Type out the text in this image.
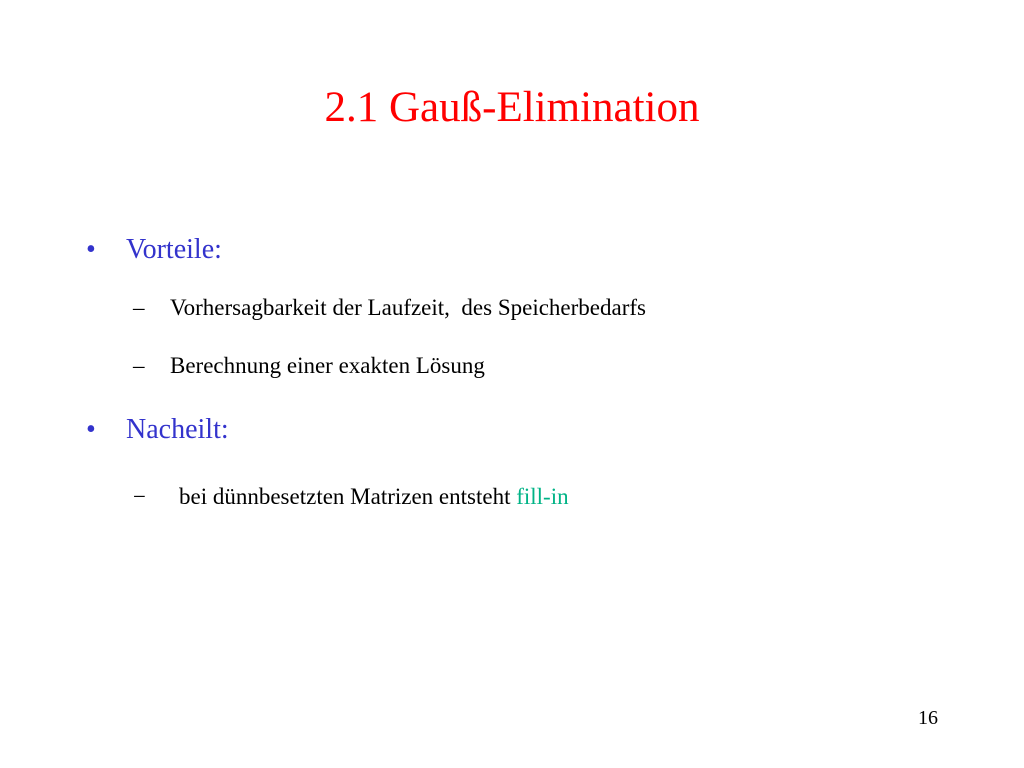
2.1 Gauß-Elimination
•	Vorteile:
–	Vorhersagbarkeit der Laufzeit,  des Speicherbedarfs
–	Berechnung einer exakten Lösung
•	Nacheilt:
−	bei dünnbesetzten Matrizen entsteht fill-in
16
